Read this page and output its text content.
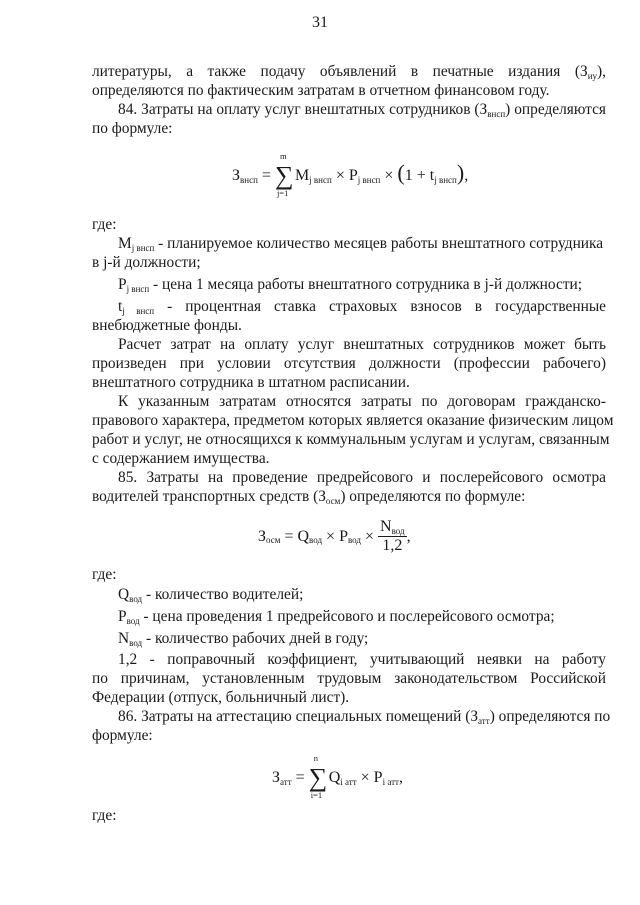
31
литературы, а также подачу объявлений в печатные издания (Зиу),
определяются по фактическим затратам в отчетном финансовом году.
84. Затраты на оплату услуг внештатных сотрудников (Звнсп) определяются
по формуле:
Звнсп =
m
∑
j=1
Mj внсп × Pj внсп × (1 + tj внсп),
где:
Mj внсп - планируемое количество месяцев работы внештатного сотрудника
в j-й должности;
Pj внсп - цена 1 месяца работы внештатного сотрудника в j-й должности;
tj внсп - процентная ставка страховых взносов в государственные
внебюджетные фонды.
Расчет затрат на оплату услуг внештатных сотрудников может быть
произведен при условии отсутствия должности (профессии рабочего)
внештатного сотрудника в штатном расписании.
К указанным затратам относятся затраты по договорам гражданско-
правового характера, предметом которых является оказание физическим лицом
работ и услуг, не относящихся к коммунальным услугам и услугам, связанным
с содержанием имущества.
85. Затраты на проведение предрейсового и послерейсового осмотра
водителей транспортных средств (Зосм) определяются по формуле:
Зосм = Qвод × Pвод × $\frac{\text{Nвод}}{1,2}$ ,
где:
Qвод - количество водителей;
Pвод - цена проведения 1 предрейсового и послерейсового осмотра;
Nвод - количество рабочих дней в году;
1,2 - поправочный коэффициент, учитывающий неявки на работу
по причинам, установленным трудовым законодательством Российской
Федерации (отпуск, больничный лист).
86. Затраты на аттестацию специальных помещений (Затт) определяются по
формуле:
Затт =
n
∑
i=1
Qi атт × Pi атт,
где:
